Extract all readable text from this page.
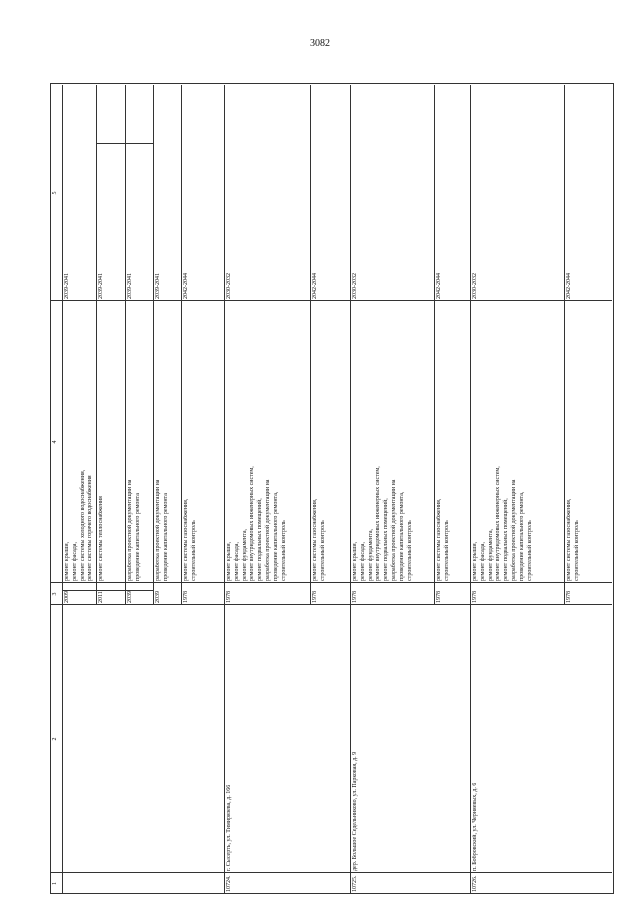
3082
1
2
3
4
5
2009
ремонт крыши, ремонт фасада, ремонт системы холодного водоснабжения, ремонт системы горячего водоснабжения
2039-2041
2011
ремонт системы теплоснабжения
2039-2041
2039
разработка проектной документации на проведение капитального ремонта
2039-2041
2039
разработка проектной документации на проведение капитального ремонта
2039-2041
1978
ремонт системы газоснабжения, строительный контроль
2042-2044
10724.
г. Сысерть, ул. Тимирязева, д. 166
1978
ремонт крыши, ремонт фасада, ремонт фундамента, ремонт внутридомовых инженерных систем, ремонт подвальных помещений, разработка проектной документации на проведение капитального ремонта, строительный контроль
2030-2032
1978
ремонт системы газоснабжения, строительный контроль
2042-2044
10725.
дер. Большое Седельниково, ул. Парковая, д. 9
1978
ремонт крыши, ремонт фасада, ремонт фундамента, ремонт внутридомовых инженерных систем, ремонт подвальных помещений, разработка проектной документации на проведение капитального ремонта, строительный контроль
2030-2032
1978
ремонт системы газоснабжения, строительный контроль
2042-2044
10726.
п. Бобровский, ул. Черняевых, д. 6
1978
ремонт крыши, ремонт фасада, ремонт фундамента, ремонт внутридомовых инженерных систем, ремонт подвальных помещений, разработка проектной документации на проведение капитального ремонта, строительный контроль
2030-2032
1978
ремонт системы газоснабжения, строительный контроль
2042-2044
